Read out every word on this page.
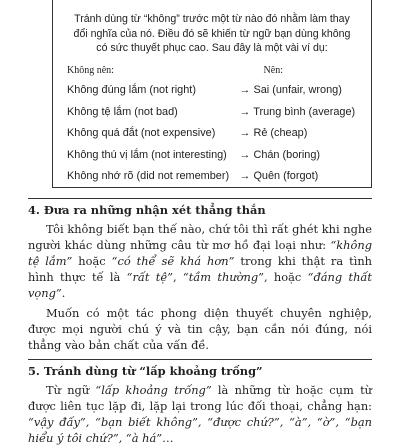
Tránh dùng từ “không” trước một từ nào đó nhằm làm thay đổi nghĩa của nó. Điều đó sẽ khiến từ ngữ bạn dùng không có sức thuyết phục cao. Sau đây là một vài ví dụ:

Không nên:	Nên:
Không đúng lắm (not right)	→ Sai (unfair, wrong)
Không tệ lắm (not bad)	→ Trung bình (average)
Không quá đắt (not expensive)	→ Rẻ (cheap)
Không thú vị lắm (not interesting)	→ Chán (boring)
Không nhớ rõ (did not remember)	→ Quên (forgot)
4. Đưa ra những nhận xét thẳng thắn

Tôi không biết bạn thế nào, chứ tôi thì rất ghét khi nghe người khác dùng những câu từ mơ hồ đại loại như: “không tệ lắm” hoặc “có thể sẽ khá hơn” trong khi thật ra tình hình thực tế là “rất tệ”, “tầm thường”, hoặc “đáng thất vọng”.

Muốn có một tác phong diện thuyết chuyên nghiệp, được mọi người chú ý và tin cậy, bạn cần nói đúng, nói thẳng vào bản chất của vấn đề.

5. Tránh dùng từ “lấp khoảng trống”

Từ ngữ “lấp khoảng trống” là những từ hoặc cụm từ được liên tục lặp đi, lặp lại trong lúc đối thoại, chẳng hạn: “vậy đấy”, “bạn biết không”, “được chứ?”, “à”, “ờ”, “bạn hiểu ý tôi chứ?”, “à há”…
